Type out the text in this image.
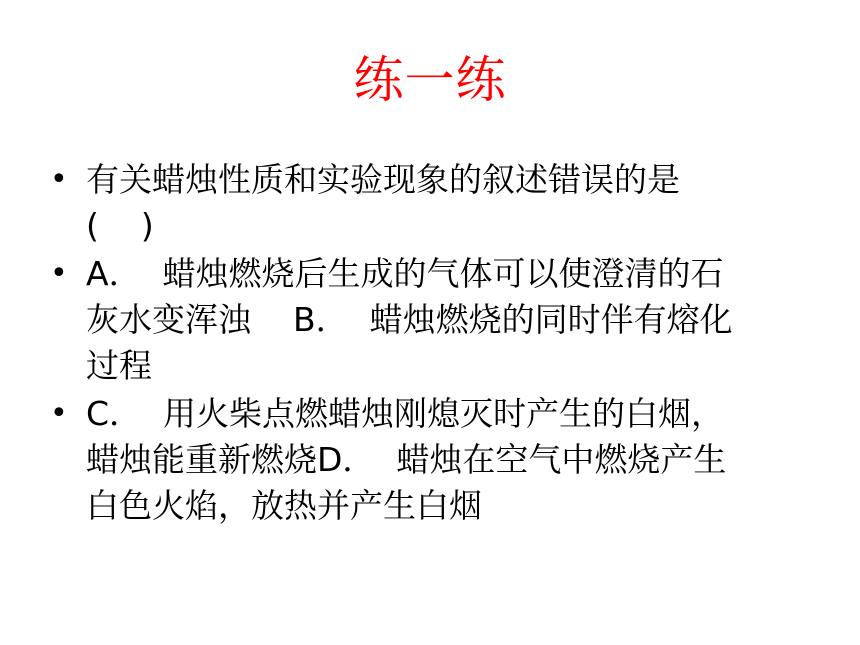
练一练
• 有关蜡烛性质和实验现象的叙述错误的是
(    )
• A．  蜡烛燃烧后生成的气体可以使澄清的石
灰水变浑浊    B．  蜡烛燃烧的同时伴有熔化
过程
• C．  用火柴点燃蜡烛刚熄灭时产生的白烟，
蜡烛能重新燃烧D．  蜡烛在空气中燃烧产生
白色火焰，放热并产生白烟
